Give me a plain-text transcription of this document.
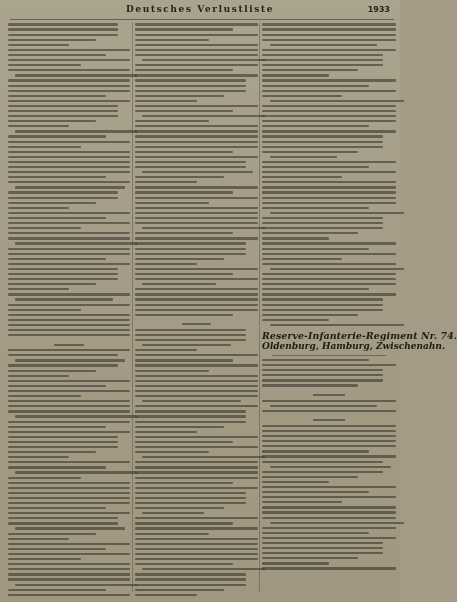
Deutsches Verlustliste	1933
Reserve-Infanterie-Regiment Nr. 74.
Oldenburg, Hamburg, Zwischenahn.
